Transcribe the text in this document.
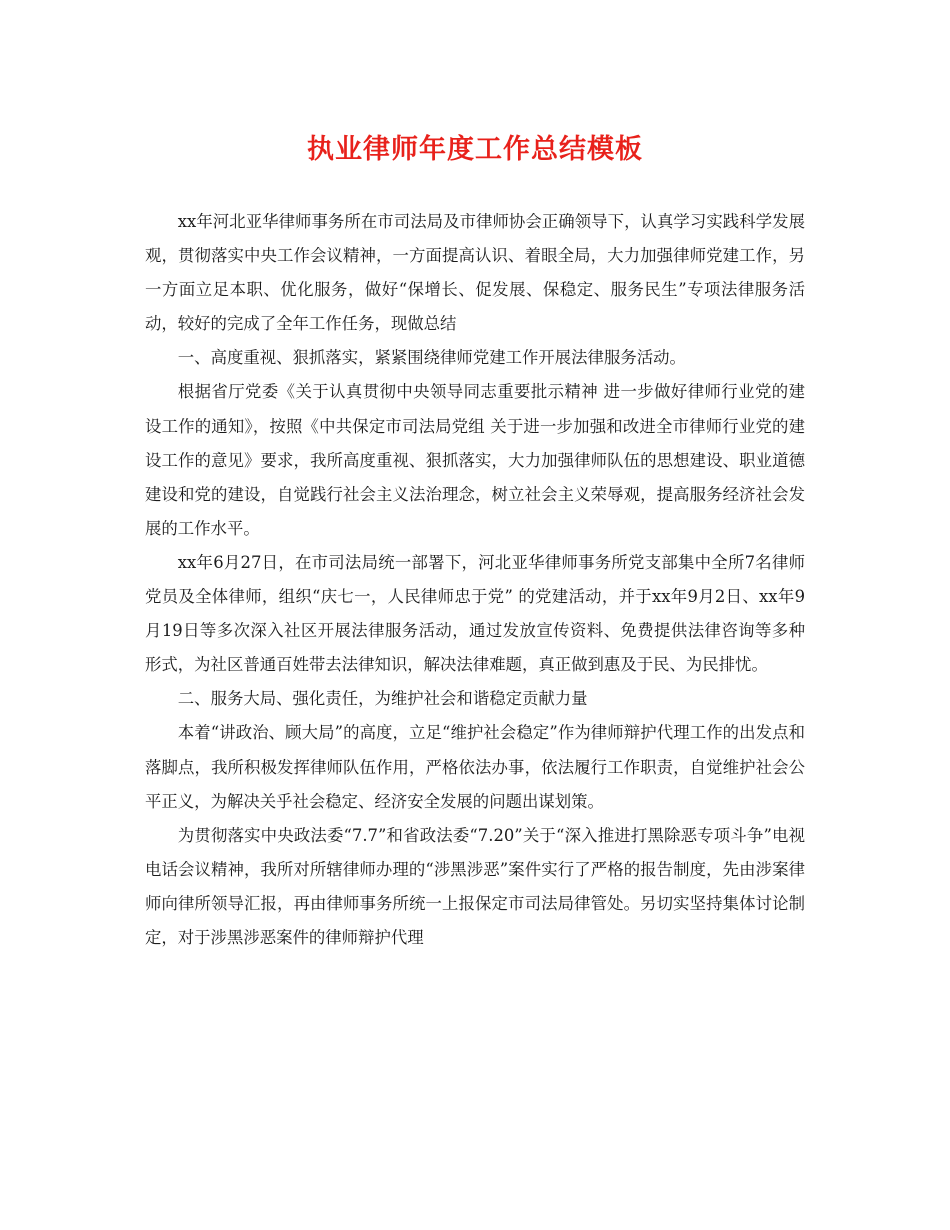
执业律师年度工作总结模板

xx年河北亚华律师事务所在市司法局及市律师协会正确领导下，认真学习实践科学发展观，贯彻落实中央工作会议精神，一方面提高认识、着眼全局，大力加强律师党建工作，另一方面立足本职、优化服务，做好“保增长、促发展、保稳定、服务民生”专项法律服务活动，较好的完成了全年工作任务，现做总结

一、高度重视、狠抓落实，紧紧围绕律师党建工作开展法律服务活动。

根据省厅党委《关于认真贯彻中央领导同志重要批示精神 进一步做好律师行业党的建设工作的通知》，按照《中共保定市司法局党组 关于进一步加强和改进全市律师行业党的建设工作的意见》要求，我所高度重视、狠抓落实，大力加强律师队伍的思想建设、职业道德建设和党的建设，自觉践行社会主义法治理念，树立社会主义荣辱观，提高服务经济社会发展的工作水平。

xx年6月27日，在市司法局统一部署下，河北亚华律师事务所党支部集中全所7名律师党员及全体律师，组织“庆七一，人民律师忠于党” 的党建活动，并于xx年9月2日、xx年9月19日等多次深入社区开展法律服务活动，通过发放宣传资料、免费提供法律咨询等多种形式，为社区普通百姓带去法律知识，解决法律难题，真正做到惠及于民、为民排忧。

二、服务大局、强化责任，为维护社会和谐稳定贡献力量

本着“讲政治、顾大局”的高度，立足“维护社会稳定”作为律师辩护代理工作的出发点和落脚点，我所积极发挥律师队伍作用，严格依法办事，依法履行工作职责，自觉维护社会公平正义，为解决关乎社会稳定、经济安全发展的问题出谋划策。

为贯彻落实中央政法委“7.7”和省政法委“7.20”关于“深入推进打黑除恶专项斗争”电视电话会议精神，我所对所辖律师办理的“涉黑涉恶”案件实行了严格的报告制度，先由涉案律师向律所领导汇报，再由律师事务所统一上报保定市司法局律管处。另切实坚持集体讨论制定，对于涉黑涉恶案件的律师辩护代理
